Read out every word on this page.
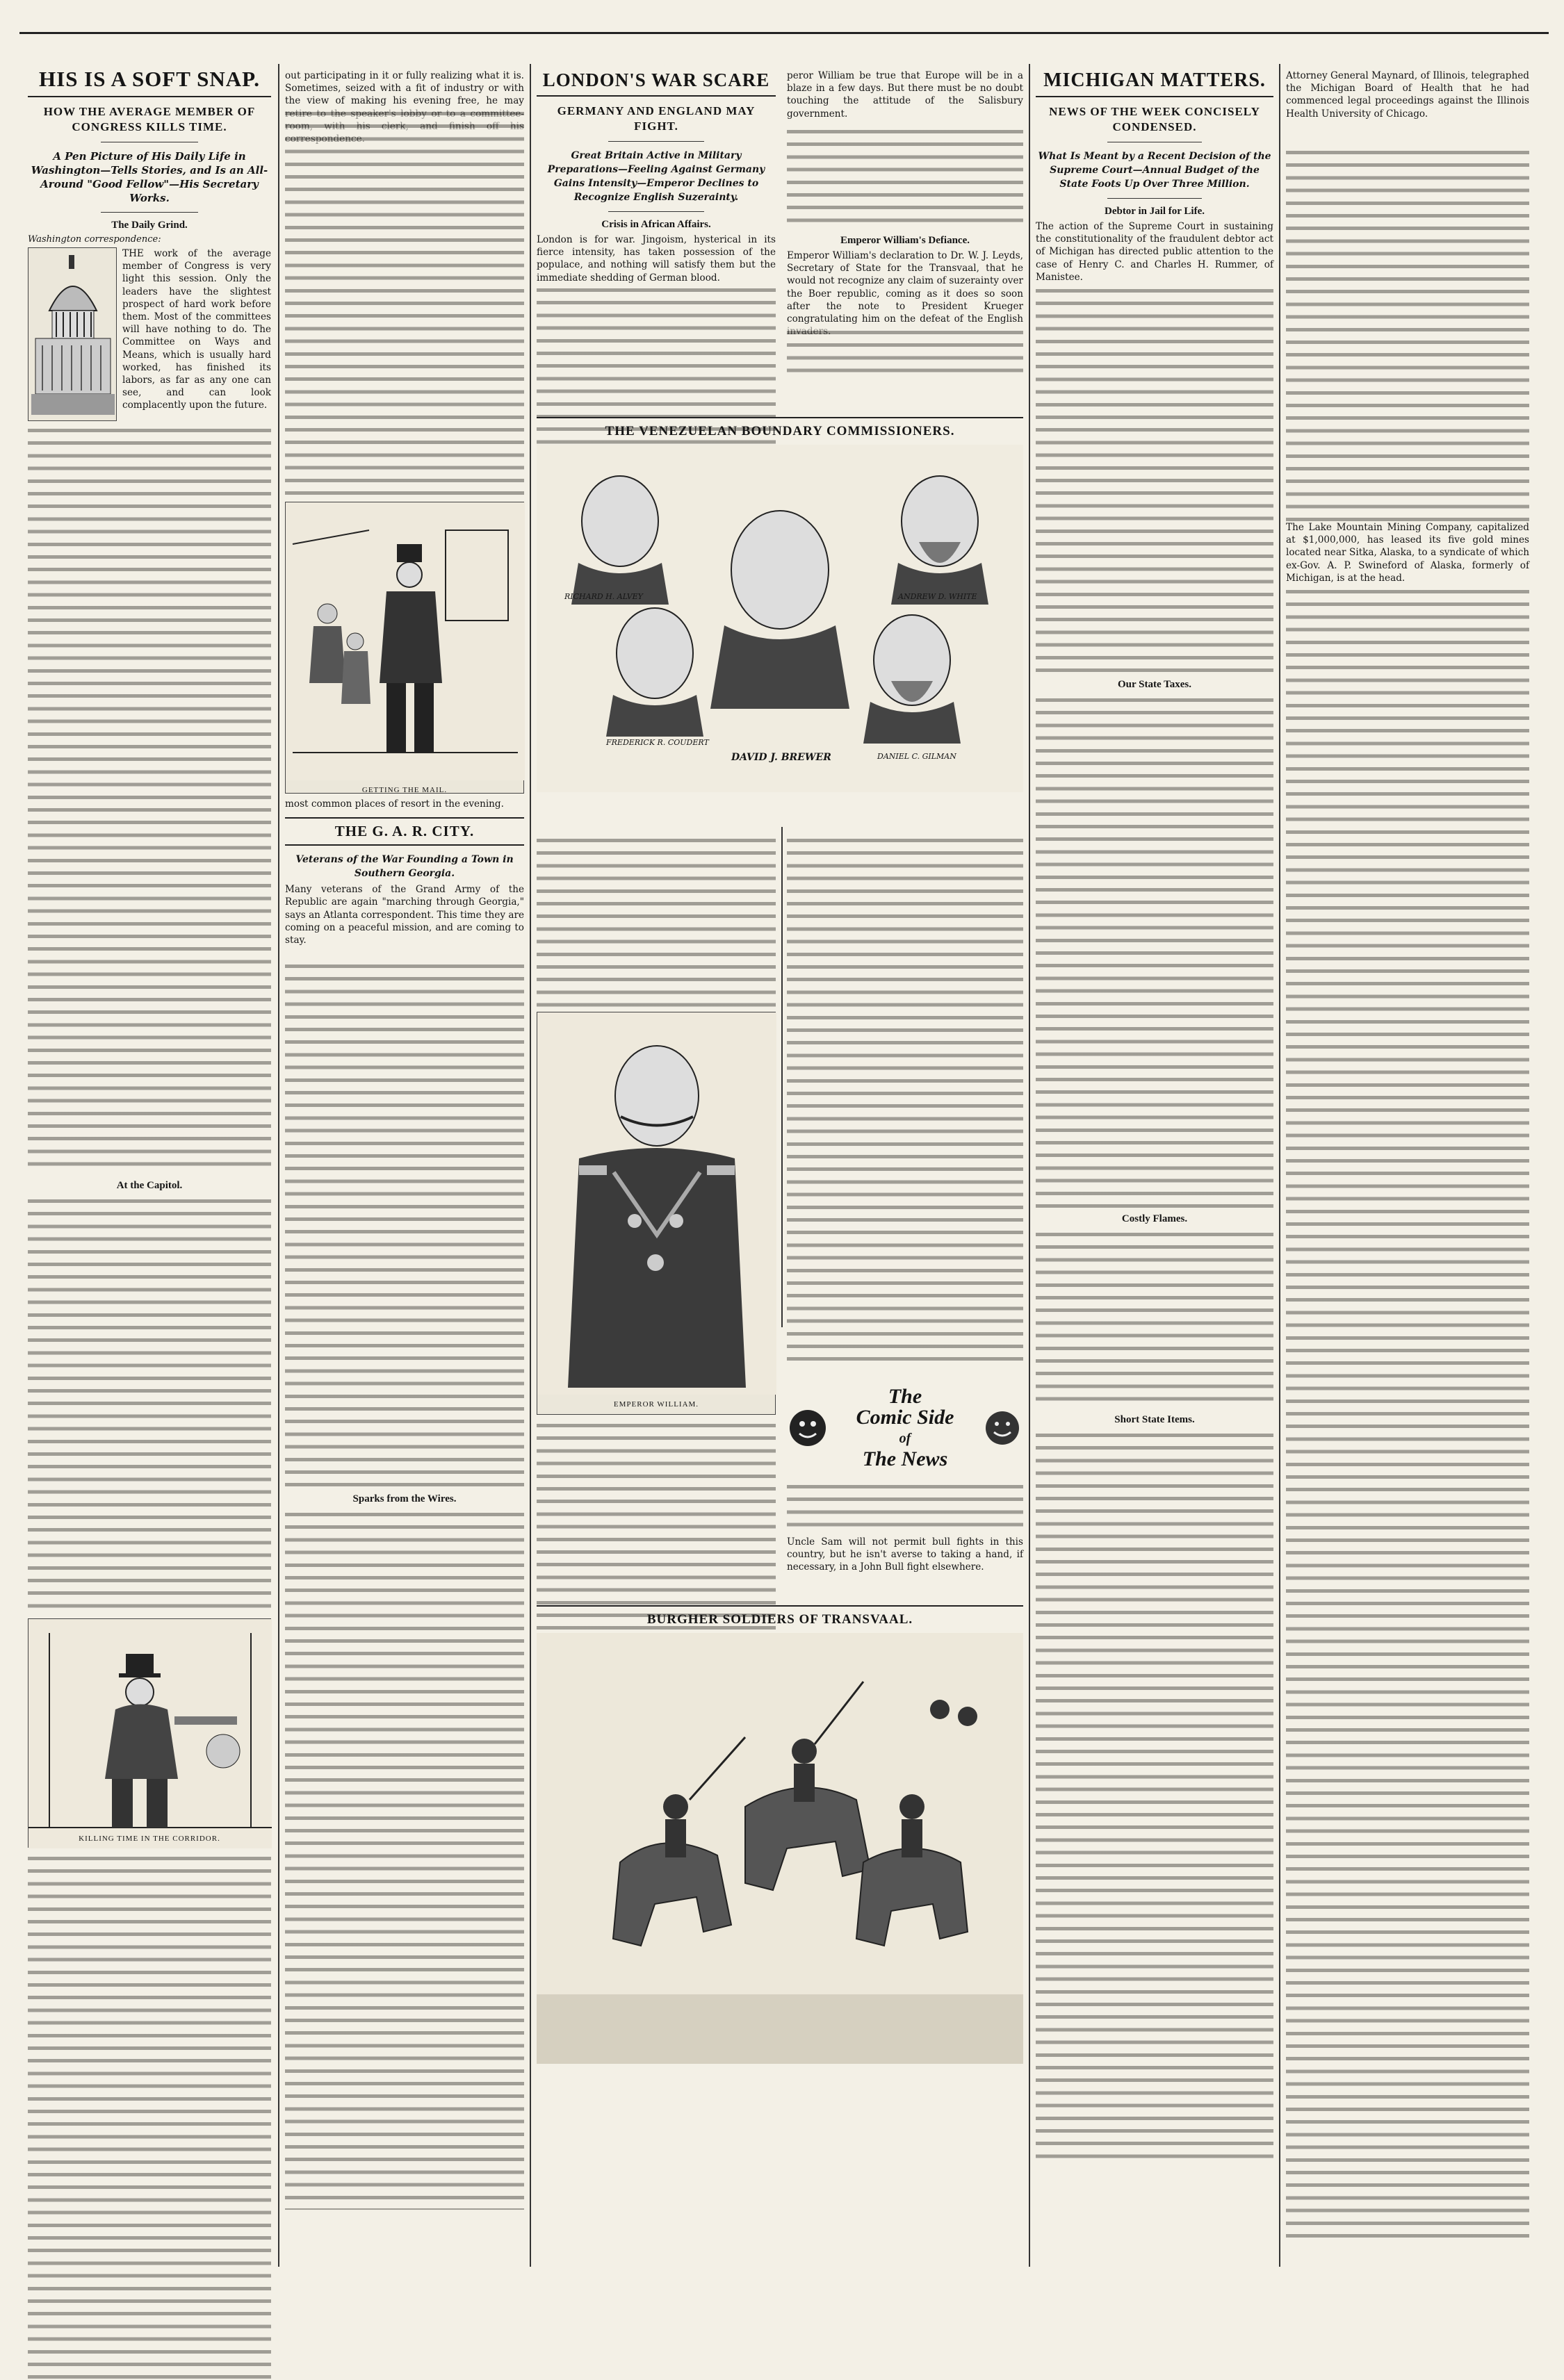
HIS IS A SOFT SNAP.
HOW THE AVERAGE MEMBER OF CONGRESS KILLS TIME.
A Pen Picture of His Daily Life in Washington—Tells Stories, and Is an All-Around "Good Fellow"—His Secretary Works.
The Daily Grind.
Washington correspondence:
THE work of the average member of Congress is very light this session. Only the leaders have the slightest prospect of hard work before them. Most of the committees will have nothing to do. The Committee on Ways and Means, which is usually hard worked, has finished its labors, as far as any one can see, and can look complacently upon the future.
At the Capitol.
KILLING TIME IN THE CORRIDOR.
out participating in it or fully realizing what it is. Sometimes, seized with a fit of industry or with the view of making his evening free, he may
GETTING THE MAIL.
most common places of resort in the evening.
THE G. A. R. CITY.
Veterans of the War Founding a Town in Southern Georgia.
Many veterans of the Grand Army of the Republic are again "marching through Georgia," says an Atlanta correspondent. This time they are coming on a peaceful mission, and are coming to stay.
Sparks from the Wires.
LONDON'S WAR SCARE
GERMANY AND ENGLAND MAY FIGHT.
Great Britain Active in Military Preparations—Feeling Against Germany Gains Intensity—Emperor Declines to Recognize English Suzerainty.
Crisis in African Affairs.
London is for war. Jingoism, hysterical in its fierce intensity, has taken possession of the populace, and nothing will satisfy them but the immediate shedding of German blood.
peror William be true that Europe will be in a blaze in a few days. But there must be no doubt touching the attitude of the Salisbury government.
Emperor William's Defiance.
Emperor William's declaration to Dr. W. J. Leyds, Secretary of State for the Transvaal, that he would not recognize any claim of suzerainty over the Boer republic, coming as it does so soon after the note to President Krueger congratulating him on the defeat of the English
THE VENEZUELAN BOUNDARY COMMISSIONERS.
RICHARD H. ALVEY	ANDREW D. WHITE
FREDERICK R. COUDERT
DAVID J. BREWER	DANIEL C. GILMAN
EMPEROR WILLIAM.	The
Comic Side
of
The News
Uncle Sam will not permit bull fights in this country, but he isn't averse to taking a hand, if necessary, in a John Bull fight elsewhere.
BURGHER SOLDIERS OF TRANSVAAL.
MICHIGAN MATTERS.
NEWS OF THE WEEK CONCISELY CONDENSED.
What Is Meant by a Recent Decision of the Supreme Court—Annual Budget of the State Foots Up Over Three Million.
Debtor in Jail for Life.
The action of the Supreme Court in sustaining the constitutionality of the fraudulent debtor act of Michigan has directed public attention to the case of Henry C. and Charles H. Rummer, of Manistee.
Our State Taxes.
Costly Flames.
Short State Items.
Attorney General Maynard, of Illinois, telegraphed the Michigan Board of Health that he had commenced legal proceedings against the Illinois Health University of Chicago.
The Lake Mountain Mining Company, capitalized at $1,000,000, has leased its five gold mines located near Sitka, Alaska, to a syndicate of which ex-Gov. A. P. Swineford of Alaska, formerly of Michigan, is at the head.
